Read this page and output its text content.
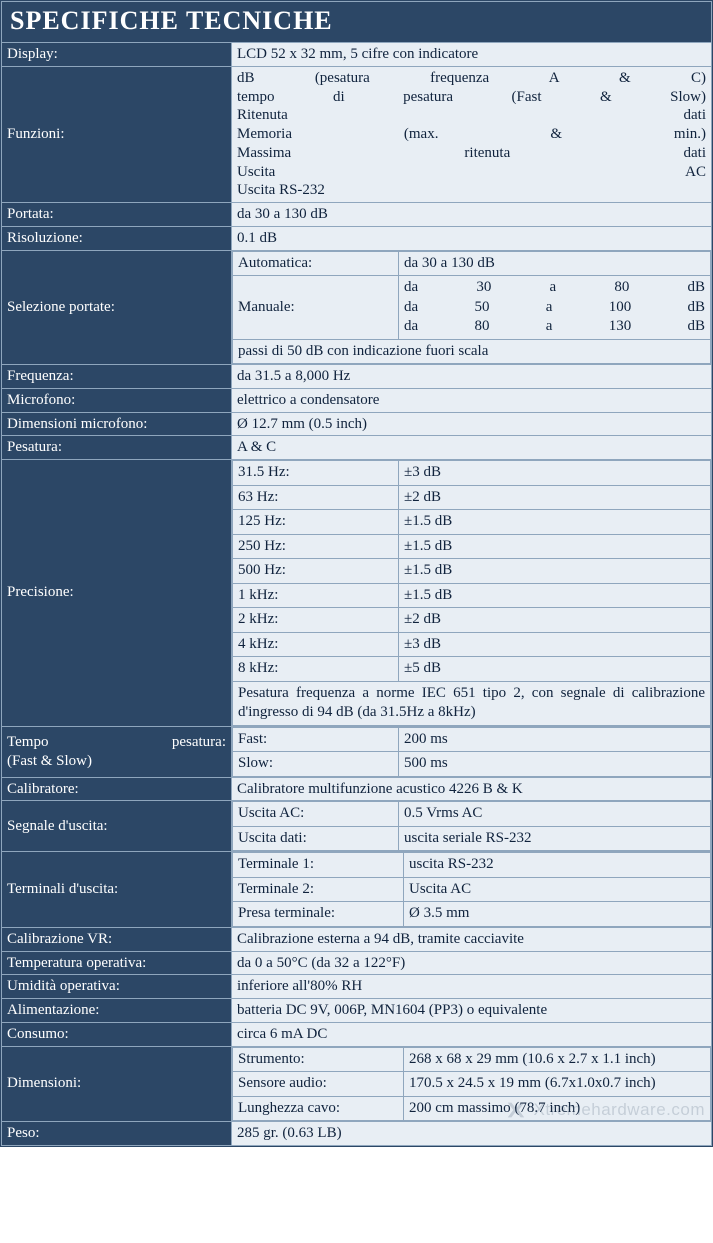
SPECIFICHE TECNICHE
Display:	LCD 52 x 32 mm, 5 cifre con indicatore
Funzioni:	
dB (pesatura frequenza A & C)
tempo di pesatura (Fast & Slow)
Ritenuta dati
Memoria (max. & min.)
Massima ritenuta dati
Uscita AC
Uscita RS-232

Portata:	da 30 a 130 dB
Risoluzione:	0.1 dB
Selezione portate:	
Automatica:	da 30 a 130 dB
Manuale:	
da 30 a 80 dB
da 50 a 100 dB
da 80 a 130 dB

passi di 50 dB con indicazione fuori scala

Frequenza:	da 31.5 a 8,000 Hz
Microfono:	elettrico a condensatore
Dimensioni microfono:	Ø 12.7 mm (0.5 inch)
Pesatura:	A & C
Precisione:	
31.5 Hz:	±3 dB
63 Hz:	±2 dB
125 Hz:	±1.5 dB
250 Hz:	±1.5 dB
500 Hz:	±1.5 dB
1 kHz:	±1.5 dB
2 kHz:	±2 dB
4 kHz:	±3 dB
8 kHz:	±5 dB
Pesatura frequenza a norme IEC 651 tipo 2, con segnale di calibrazione d'ingresso di 94 dB (da 31.5Hz a 8kHz)

Tempo pesatura:
(Fast & Slow)

Fast:	200 ms
Slow:	500 ms

Calibratore:	Calibratore multifunzione acustico 4226 B & K
Segnale d'uscita:	
Uscita AC:	0.5 Vrms AC
Uscita dati:	uscita seriale RS-232

Terminali d'uscita:	
Terminale 1:	uscita RS-232
Terminale 2:	Uscita AC
Presa terminale:	Ø 3.5 mm

Calibrazione VR:	Calibrazione esterna a 94 dB, tramite cacciavite
Temperatura operativa:	da 0 a 50°C (da 32 a 122°F)
Umidità operativa:	inferiore all'80% RH
Alimentazione:	batteria DC 9V, 006P, MN1604 (PP3) o equivalente
Consumo:	circa 6 mA DC
Dimensioni:	
Strumento:	268 x 68 x 29 mm (10.6 x 2.7 x 1.1 inch)
Sensore audio:	170.5 x 24.5 x 19 mm (6.7x1.0x0.7 inch)
Lunghezza cavo:	200 cm massimo (78.7 inch)

Peso:	285 gr. (0.63 LB)
Xtremehardware.com
